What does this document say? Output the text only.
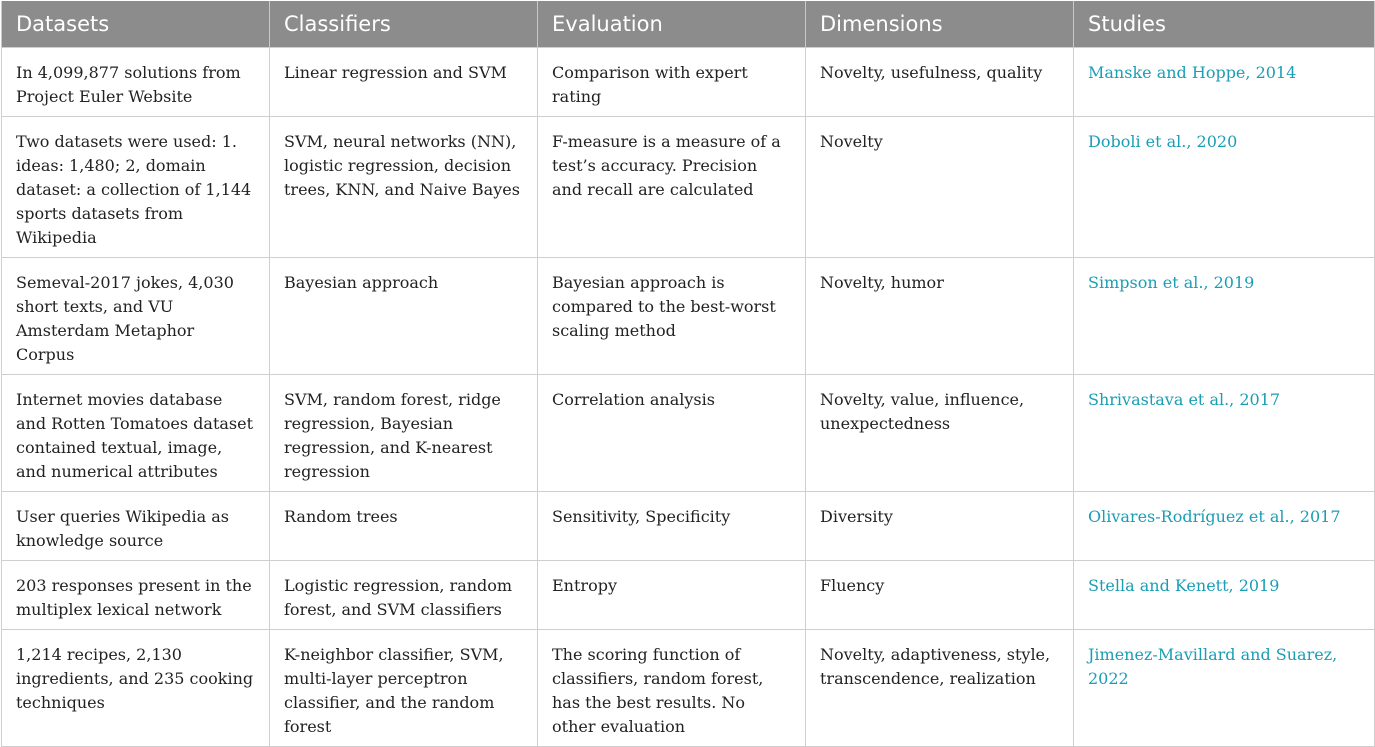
Datasets	Classifiers	Evaluation	Dimensions	Studies
In 4,099,877 solutions from Project Euler Website	Linear regression and SVM	Comparison with expert rating	Novelty, usefulness, quality	Manske and Hoppe, 2014
Two datasets were used: 1. ideas: 1,480; 2, domain dataset: a collection of 1,144 sports datasets from Wikipedia	SVM, neural networks (NN), logistic regression, decision trees, KNN, and Naive Bayes	F-measure is a measure of a test’s accuracy. Precision and recall are calculated	Novelty	Doboli et al., 2020
Semeval-2017 jokes, 4,030 short texts, and VU Amsterdam Metaphor Corpus	Bayesian approach	Bayesian approach is compared to the best-worst scaling method	Novelty, humor	Simpson et al., 2019
Internet movies database and Rotten Tomatoes dataset contained textual, image, and numerical attributes	SVM, random forest, ridge regression, Bayesian regression, and K-nearest regression	Correlation analysis	Novelty, value, influence, unexpectedness	Shrivastava et al., 2017
User queries Wikipedia as knowledge source	Random trees	Sensitivity, Specificity	Diversity	Olivares-Rodríguez et al., 2017
203 responses present in the multiplex lexical network	Logistic regression, random forest, and SVM classifiers	Entropy	Fluency	Stella and Kenett, 2019
1,214 recipes, 2,130 ingredients, and 235 cooking techniques	K-neighbor classifier, SVM, multi-layer perceptron classifier, and the random forest	The scoring function of classifiers, random forest, has the best results. No other evaluation	Novelty, adaptiveness, style, transcendence, realization	Jimenez-Mavillard and Suarez, 2022
